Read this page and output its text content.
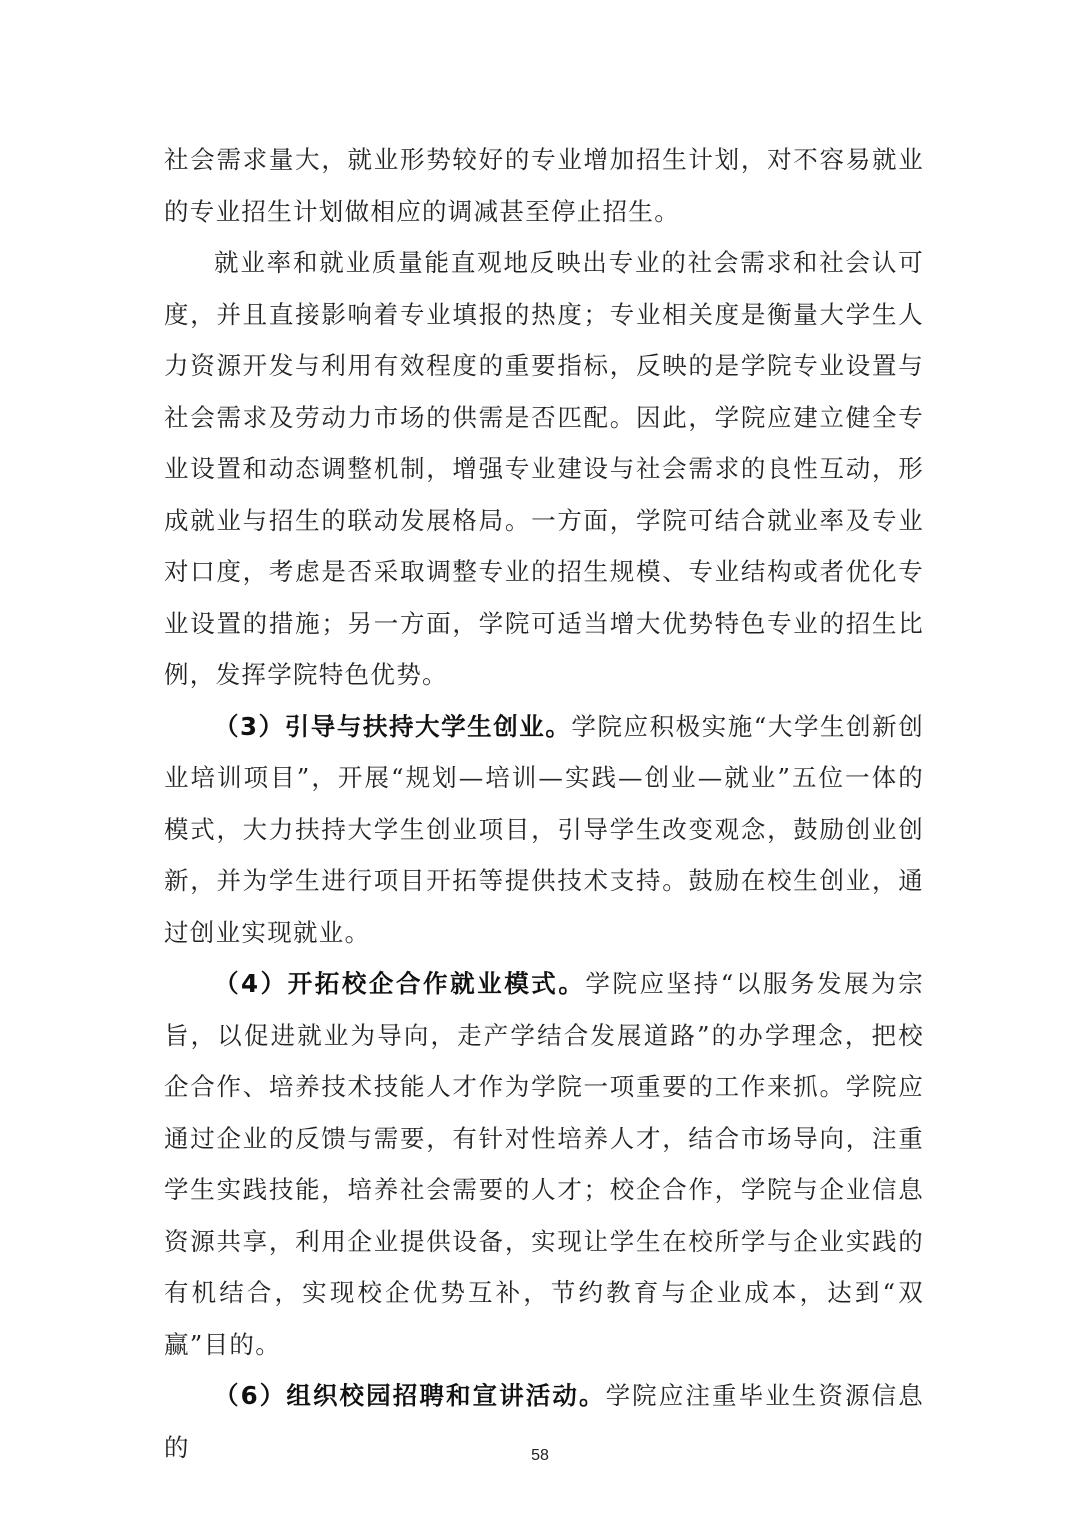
社会需求量大，就业形势较好的专业增加招生计划，对不容易就业的专业招生计划做相应的调减甚至停止招生。

就业率和就业质量能直观地反映出专业的社会需求和社会认可度，并且直接影响着专业填报的热度；专业相关度是衡量大学生人力资源开发与利用有效程度的重要指标，反映的是学院专业设置与社会需求及劳动力市场的供需是否匹配。因此，学院应建立健全专业设置和动态调整机制，增强专业建设与社会需求的良性互动，形成就业与招生的联动发展格局。一方面，学院可结合就业率及专业对口度，考虑是否采取调整专业的招生规模、专业结构或者优化专业设置的措施；另一方面，学院可适当增大优势特色专业的招生比例，发挥学院特色优势。

（3）引导与扶持大学生创业。学院应积极实施“大学生创新创业培训项目”，开展“规划—培训—实践—创业—就业”五位一体的模式，大力扶持大学生创业项目，引导学生改变观念，鼓励创业创新，并为学生进行项目开拓等提供技术支持。鼓励在校生创业，通过创业实现就业。

（4）开拓校企合作就业模式。学院应坚持“以服务发展为宗旨，以促进就业为导向，走产学结合发展道路”的办学理念，把校企合作、培养技术技能人才作为学院一项重要的工作来抓。学院应通过企业的反馈与需要，有针对性培养人才，结合市场导向，注重学生实践技能，培养社会需要的人才；校企合作，学院与企业信息资源共享，利用企业提供设备，实现让学生在校所学与企业实践的有机结合，实现校企优势互补，节约教育与企业成本，达到“双赢”目的。

（6）组织校园招聘和宣讲活动。学院应注重毕业生资源信息的	58
